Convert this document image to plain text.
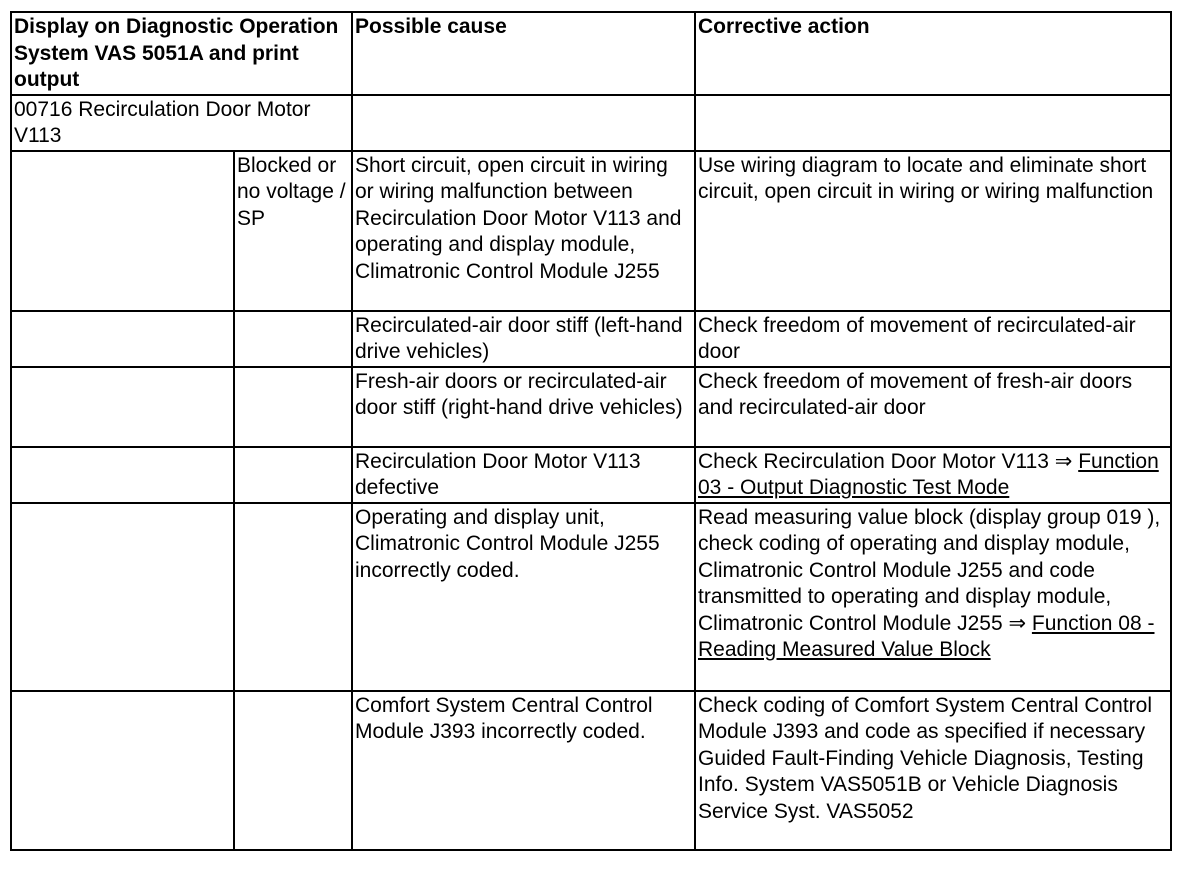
Display on Diagnostic Operation System VAS 5051A and print output		Possible cause	Corrective action
00716 Recirculation Door Motor V113			
	Blocked or no voltage / SP	Short circuit, open circuit in wiring or wiring malfunction between Recirculation Door Motor V113 and operating and display module, Climatronic Control Module J255	Use wiring diagram to locate and eliminate short circuit, open circuit in wiring or wiring malfunction
		Recirculated-air door stiff (left-hand drive vehicles)	Check freedom of movement of recirculated-air door
		Fresh-air doors or recirculated-air door stiff (right-hand drive vehicles)	Check freedom of movement of fresh-air doors and recirculated-air door
		Recirculation Door Motor V113 defective	Check Recirculation Door Motor V113 ⇒ Function 03 - Output Diagnostic Test Mode
		Operating and display unit, Climatronic Control Module J255 incorrectly coded.	Read measuring value block (display group 019 ), check coding of operating and display module, Climatronic Control Module J255 and code transmitted to operating and display module, Climatronic Control Module J255 ⇒ Function 08 - Reading Measured Value Block
		Comfort System Central Control Module J393 incorrectly coded.	Check coding of Comfort System Central Control Module J393 and code as specified if necessary Guided Fault-Finding Vehicle Diagnosis, Testing Info. System VAS5051B or Vehicle Diagnosis Service Syst. VAS5052
